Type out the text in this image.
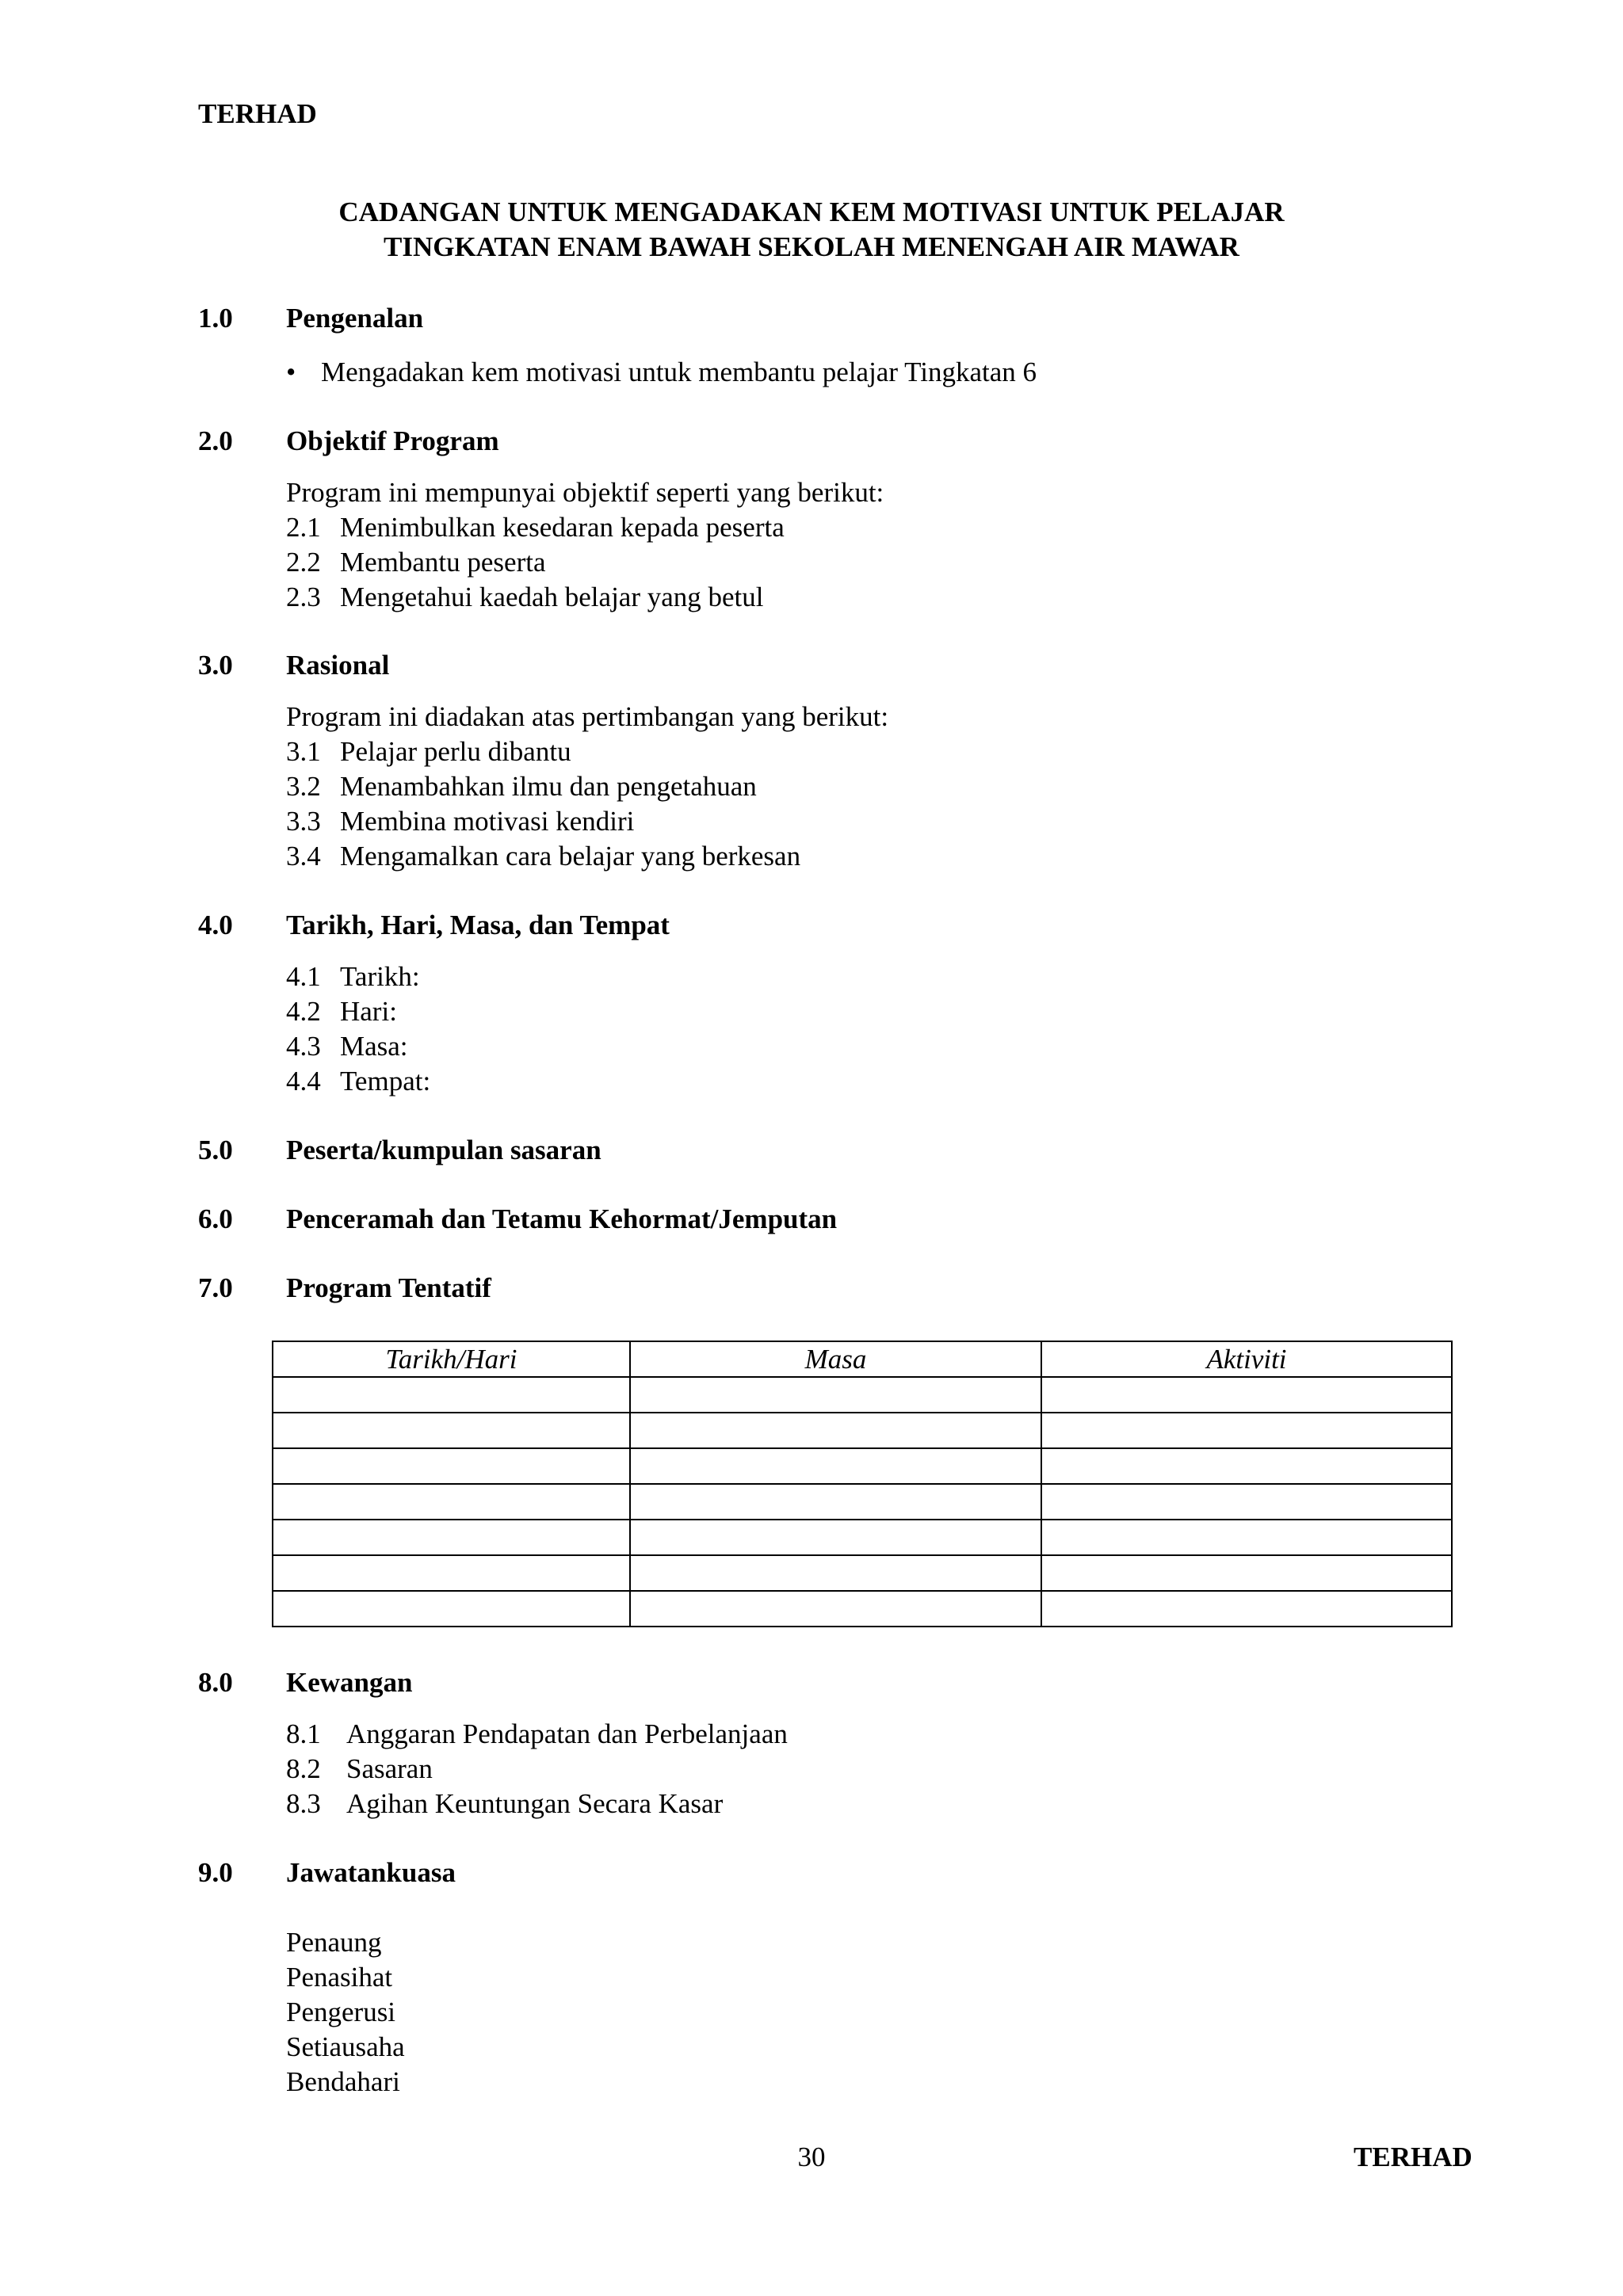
TERHAD
CADANGAN UNTUK MENGADAKAN KEM MOTIVASI UNTUK PELAJAR
TINGKATAN ENAM BAWAH SEKOLAH MENENGAH AIR MAWAR
1.0 Pengenalan
• Mengadakan kem motivasi untuk membantu pelajar Tingkatan 6
2.0 Objektif Program
Program ini mempunyai objektif seperti yang berikut:
2.1 Menimbulkan kesedaran kepada peserta
2.2 Membantu peserta
2.3 Mengetahui kaedah belajar yang betul
3.0 Rasional
Program ini diadakan atas pertimbangan yang berikut:
3.1 Pelajar perlu dibantu
3.2 Menambahkan ilmu dan pengetahuan
3.3 Membina motivasi kendiri
3.4 Mengamalkan cara belajar yang berkesan
4.0 Tarikh, Hari, Masa, dan Tempat
4.1 Tarikh:
4.2 Hari:
4.3 Masa:
4.4 Tempat:
5.0 Peserta/kumpulan sasaran
6.0 Penceramah dan Tetamu Kehormat/Jemputan
7.0 Program Tentatif
Tarikh/Hari	Masa	Aktiviti

8.0 Kewangan
8.1 Anggaran Pendapatan dan Perbelanjaan
8.2 Sasaran
8.3 Agihan Keuntungan Secara Kasar
9.0 Jawatankuasa
Penaung
Penasihat
Pengerusi
Setiausaha
Bendahari
30	TERHAD
